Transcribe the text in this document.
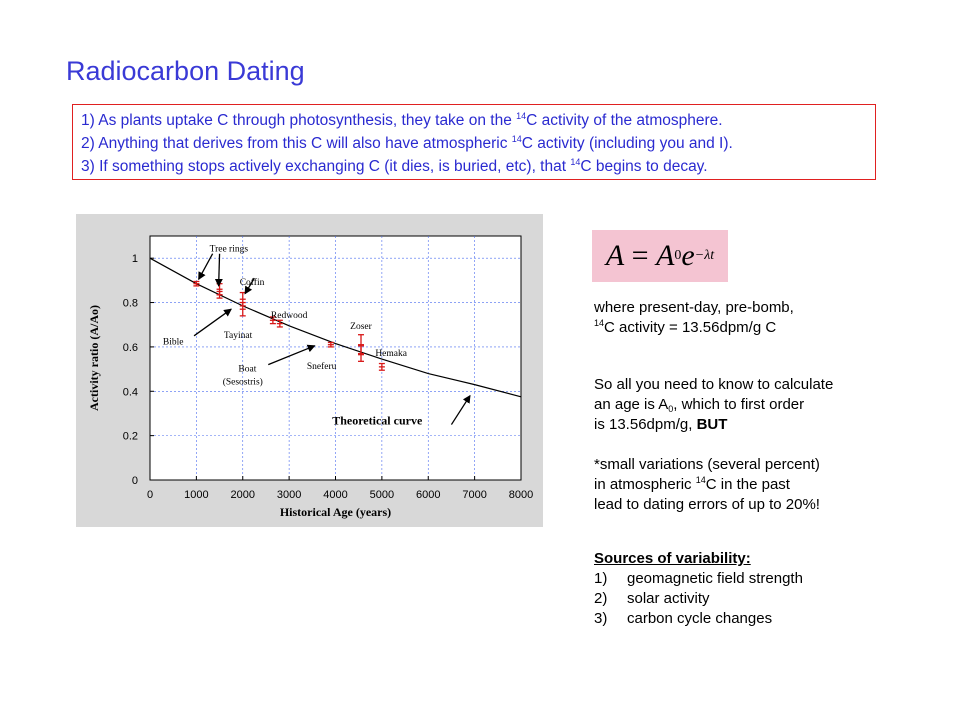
Radiocarbon Dating

1) As plants uptake C through photosynthesis, they take on the $^{14}$C activity of the atmosphere.

2) Anything that derives from this C will also have atmospheric $^{14}$C activity (including you and I).

3) If something stops actively exchanging C (it dies, is buried, etc), that $^{14}$C begins to decay.

0	1000 2000 3000 4000 5000 6000 7000 8000
0
0.2
0.4
0.6
0.8
1
Historical Age (years)
Activity ratio (A/Ao)
Tree rings
Coffin
Bible
Tayinat
Redwood
Zoser
Boat
(Sesostris)
Sneferu
Hemaka
Theoretical curve
A
=
A 0 e −λt

where present-day, pre-bomb,

$^{14}$C activity = 13.56dpm/g C

So all you need to know to calculate

an age is $A_0$, which to first order

is 13.56dpm/g, BUT

*small variations (several percent)

in atmospheric $^{14}$C in the past

lead to dating errors of up to 20%!

Sources of variability:

1) geomagnetic field strength

2) solar activity

3) carbon cycle changes
